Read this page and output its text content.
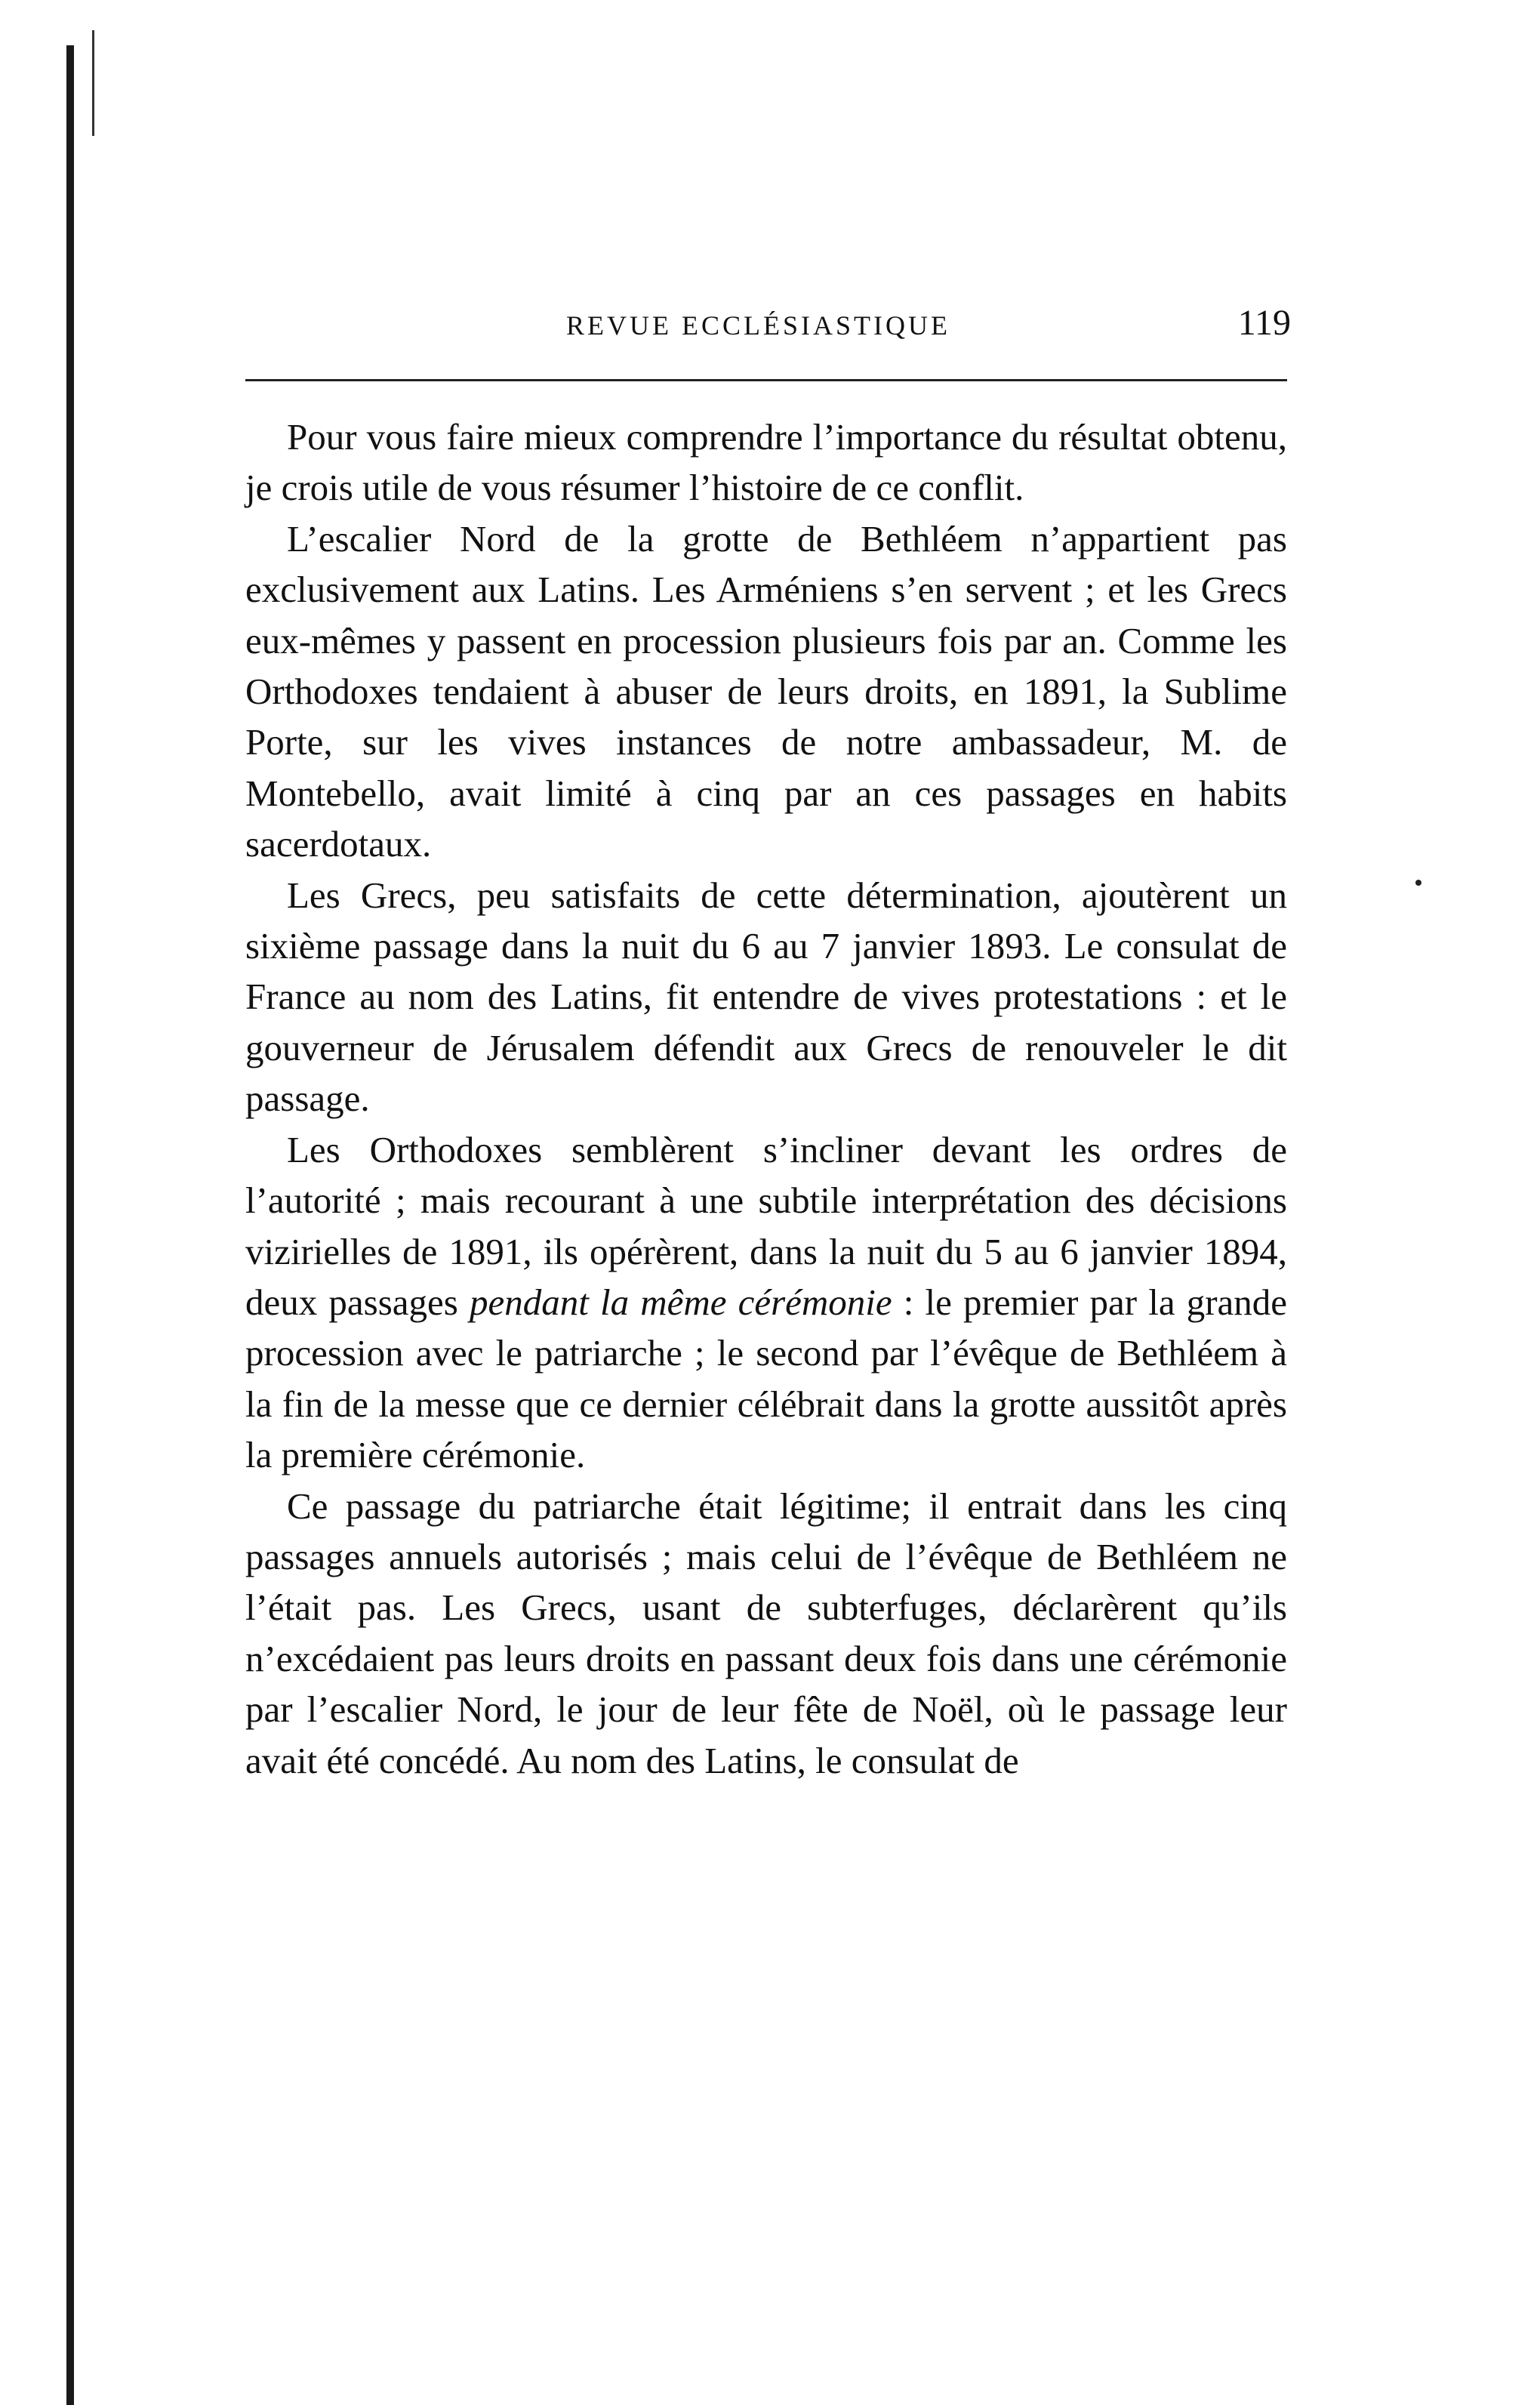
REVUE ECCLÉSIASTIQUE	119

Pour vous faire mieux comprendre l’importance du résultat obtenu, je crois utile de vous résumer l’histoire de ce conflit.

L’escalier Nord de la grotte de Bethléem n’appartient pas exclusivement aux Latins. Les Arméniens s’en servent ; et les Grecs eux-mêmes y passent en procession plusieurs fois par an. Comme les Orthodoxes tendaient à abuser de leurs droits, en 1891, la Sublime Porte, sur les vives instances de notre ambassadeur, M. de Montebello, avait limité à cinq par an ces passages en habits sacerdotaux.

Les Grecs, peu satisfaits de cette détermination, ajoutèrent un sixième passage dans la nuit du 6 au 7 janvier 1893. Le consulat de France au nom des Latins, fit entendre de vives protestations : et le gouverneur de Jérusalem défendit aux Grecs de renouveler le dit passage.

Les Orthodoxes semblèrent s’incliner devant les ordres de l’autorité ; mais recourant à une subtile interprétation des décisions vizirielles de 1891, ils opérèrent, dans la nuit du 5 au 6 janvier 1894, deux passages pendant la même cérémonie : le premier par la grande procession avec le patriarche ; le second par l’évêque de Bethléem à la fin de la messe que ce dernier célébrait dans la grotte aussitôt après la première cérémonie.

Ce passage du patriarche était légitime; il entrait dans les cinq passages annuels autorisés ; mais celui de l’évêque de Bethléem ne l’était pas. Les Grecs, usant de subterfuges, déclarèrent qu’ils n’excédaient pas leurs droits en passant deux fois dans une cérémonie par l’escalier Nord, le jour de leur fête de Noël, où le passage leur avait été concédé. Au nom des Latins, le consulat de
